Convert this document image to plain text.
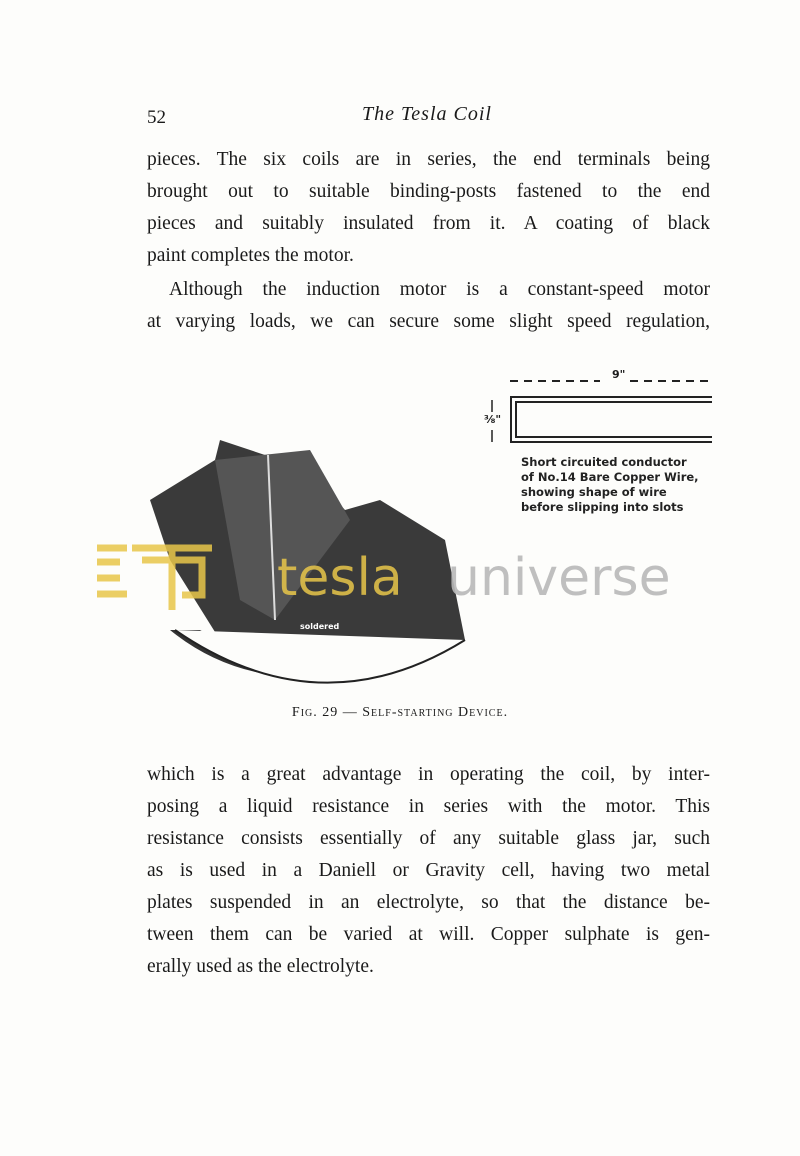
52	The Tesla Coil
pieces. The six coils are in series, the end terminals being
brought out to suitable binding-posts fastened to the end
pieces and suitably insulated from it. A coating of black
paint completes the motor.
Although the induction motor is a constant-speed motor
at varying loads, we can secure some slight speed regulation,
9"
⅜"
Short circuited conductor
of No.14 Bare Copper Wire,
showing shape of wire
before slipping into slots
tesla universe
soldered
Fig. 29 — Self-starting Device.
which is a great advantage in operating the coil, by inter-
posing a liquid resistance in series with the motor. This
resistance consists essentially of any suitable glass jar, such
as is used in a Daniell or Gravity cell, having two metal
plates suspended in an electrolyte, so that the distance be-
tween them can be varied at will. Copper sulphate is gen-
erally used as the electrolyte.
